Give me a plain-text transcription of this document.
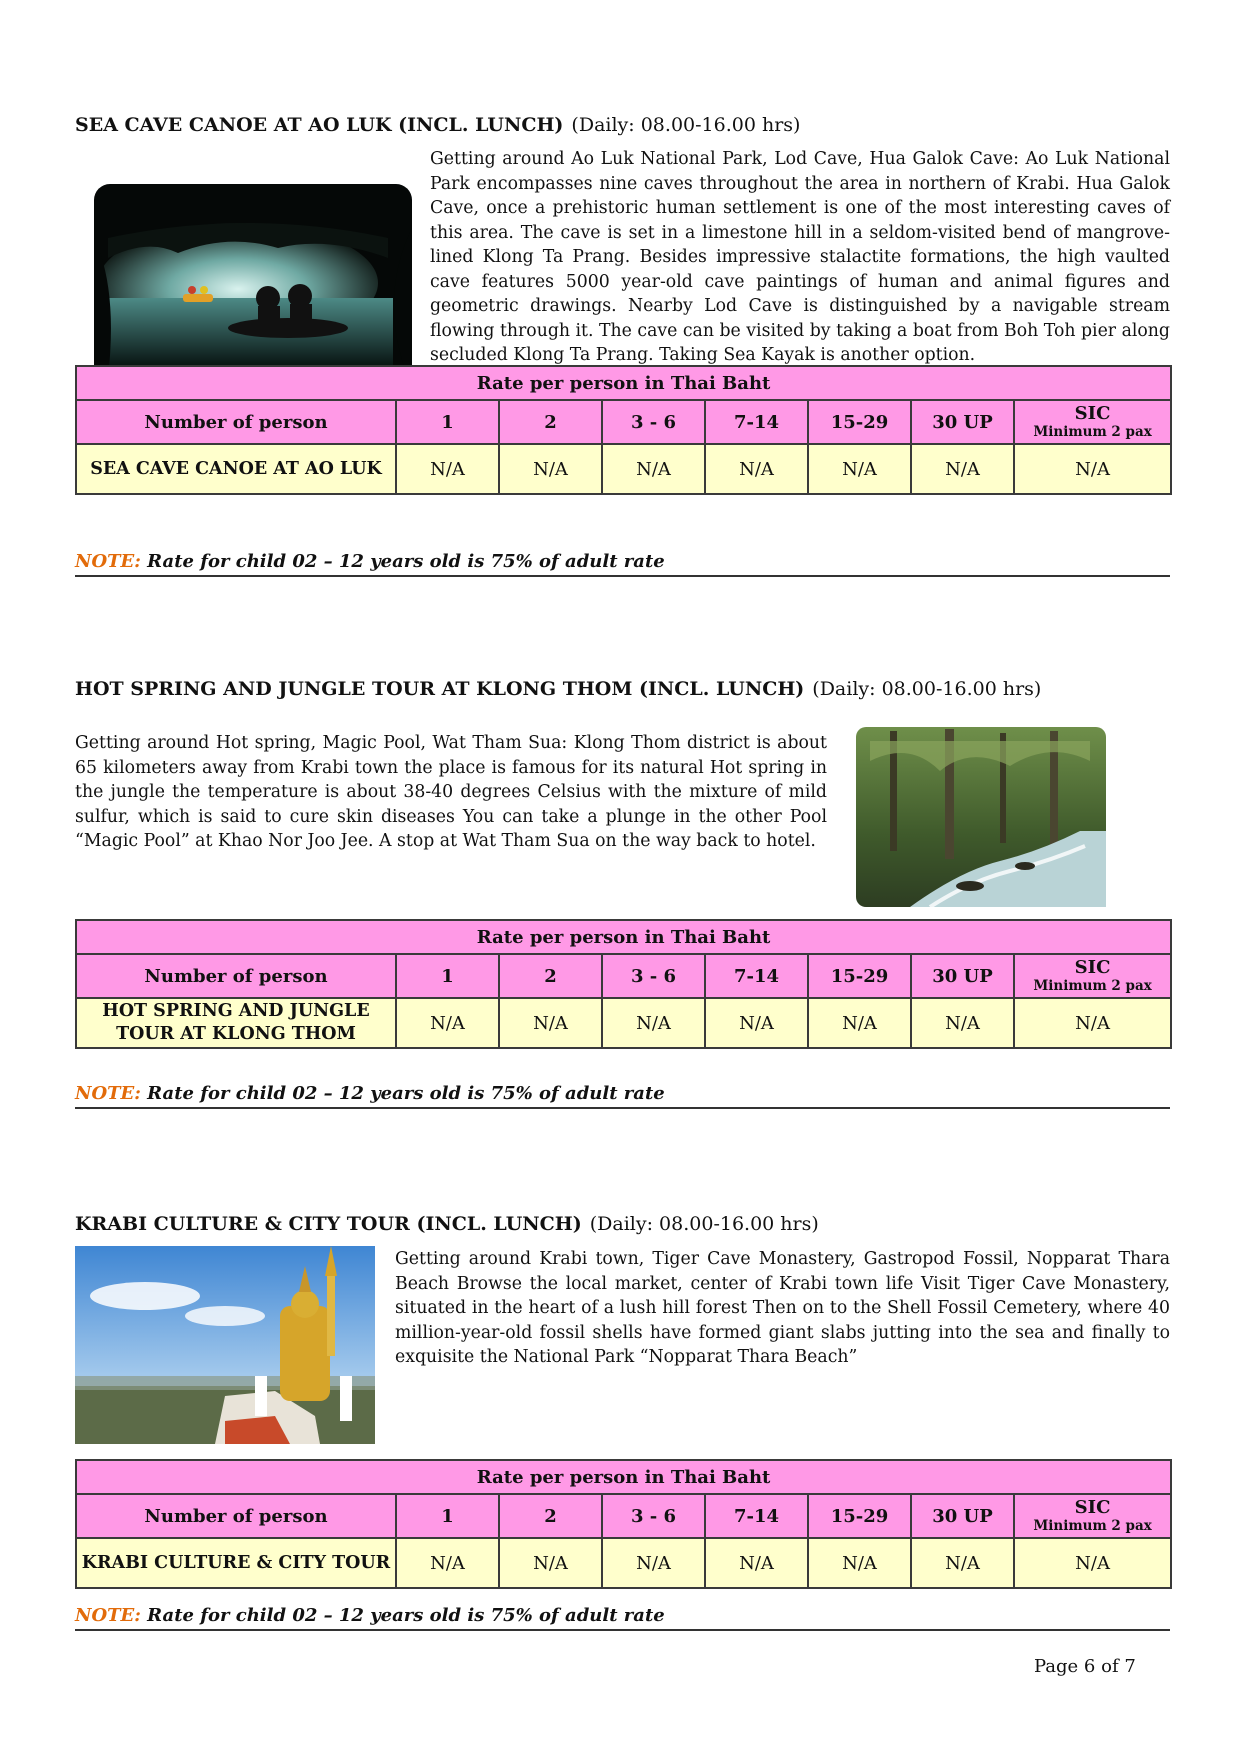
SEA CAVE CANOE AT AO LUK (INCL. LUNCH) (Daily: 08.00-16.00 hrs)

Getting around Ao Luk National Park, Lod Cave, Hua Galok Cave: Ao Luk National Park encompasses nine caves throughout the area in northern of Krabi. Hua Galok Cave, once a prehistoric human settlement is one of the most interesting caves of this area. The cave is set in a limestone hill in a seldom-visited bend of mangrove-lined Klong Ta Prang. Besides impressive stalactite formations, the high vaulted cave features 5000 year-old cave paintings of human and animal figures and geometric drawings. Nearby Lod Cave is distinguished by a navigable stream flowing through it. The cave can be visited by taking a boat from Boh Toh pier along secluded Klong Ta Prang. Taking Sea Kayak is another option.

Rate per person in Thai Baht							
Number of person	1	2	3 - 6	7-14	15-29	30 UP	SIC
Minimum 2 pax

SEA CAVE CANOE AT AO LUK	N/A	N/A	N/A	N/A	N/A	N/A	N/A
NOTE: Rate for child 02 – 12 years old is 75% of adult rate

HOT SPRING AND JUNGLE TOUR AT KLONG THOM (INCL. LUNCH) (Daily: 08.00-16.00 hrs)

Getting around Hot spring, Magic Pool, Wat Tham Sua: Klong Thom district is about 65 kilometers away from Krabi town the place is famous for its natural Hot spring in the jungle the temperature is about 38-40 degrees Celsius with the mixture of mild sulfur, which is said to cure skin diseases You can take a plunge in the other Pool “Magic Pool” at Khao Nor Joo Jee. A stop at Wat Tham Sua on the way back to hotel.

Rate per person in Thai Baht							
Number of person	1	2	3 - 6	7-14	15-29	30 UP	SIC
Minimum 2 pax

HOT SPRING AND JUNGLE
TOUR AT KLONG THOM	N/A	N/A	N/A	N/A	N/A	N/A	N/A
NOTE: Rate for child 02 – 12 years old is 75% of adult rate

KRABI CULTURE & CITY TOUR (INCL. LUNCH) (Daily: 08.00-16.00 hrs)

Getting around Krabi town, Tiger Cave Monastery, Gastropod Fossil, Nopparat Thara Beach Browse the local market, center of Krabi town life Visit Tiger Cave Monastery, situated in the heart of a lush hill forest Then on to the Shell Fossil Cemetery, where 40 million-year-old fossil shells have formed giant slabs jutting into the sea and finally to exquisite the National Park “Nopparat Thara Beach”

Rate per person in Thai Baht							
Number of person	1	2	3 - 6	7-14	15-29	30 UP	SIC
Minimum 2 pax

KRABI CULTURE & CITY TOUR	N/A	N/A	N/A	N/A	N/A	N/A	N/A
NOTE: Rate for child 02 – 12 years old is 75% of adult rate
Page 6 of 7
